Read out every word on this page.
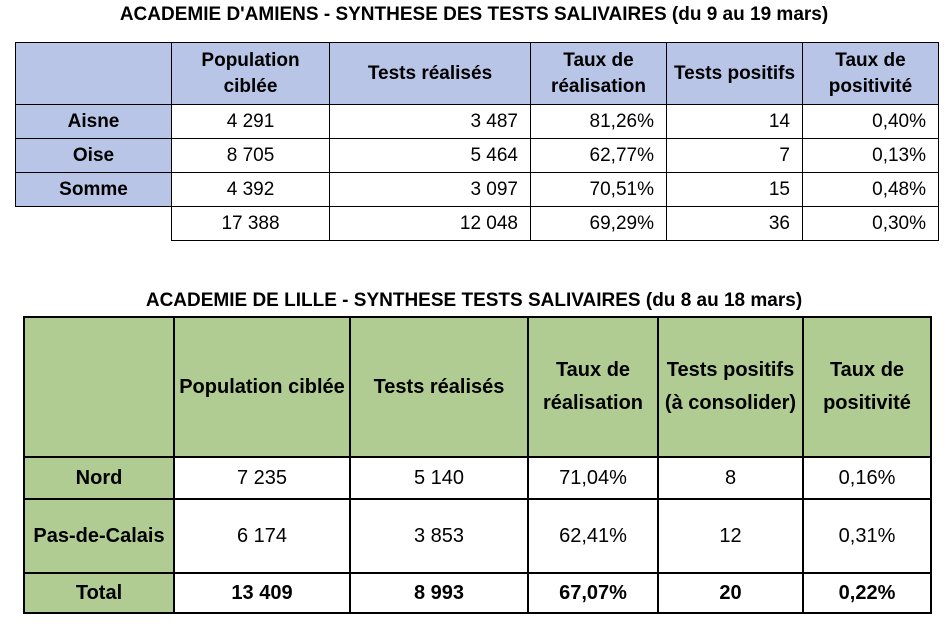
ACADEMIE D'AMIENS - SYNTHESE DES TESTS SALIVAIRES (du 9 au 19 mars)
	Population ciblée	Tests réalisés	Taux de réalisation	Tests positifs	Taux de positivité
Aisne	4 291	3 487	81,26%	14	0,40%
Oise	8 705	5 464	62,77%	7	0,13%
Somme	4 392	3 097	70,51%	15	0,48%
	17 388	12 048	69,29%	36	0,30%
ACADEMIE DE LILLE - SYNTHESE TESTS SALIVAIRES (du 8 au 18 mars)
	Population ciblée	Tests réalisés	Taux de réalisation	Tests positifs (à consolider)	Taux de positivité
Nord	7 235	5 140	71,04%	8	0,16%
Pas-de-Calais	6 174	3 853	62,41%	12	0,31%
Total	13 409	8 993	67,07%	20	0,22%
